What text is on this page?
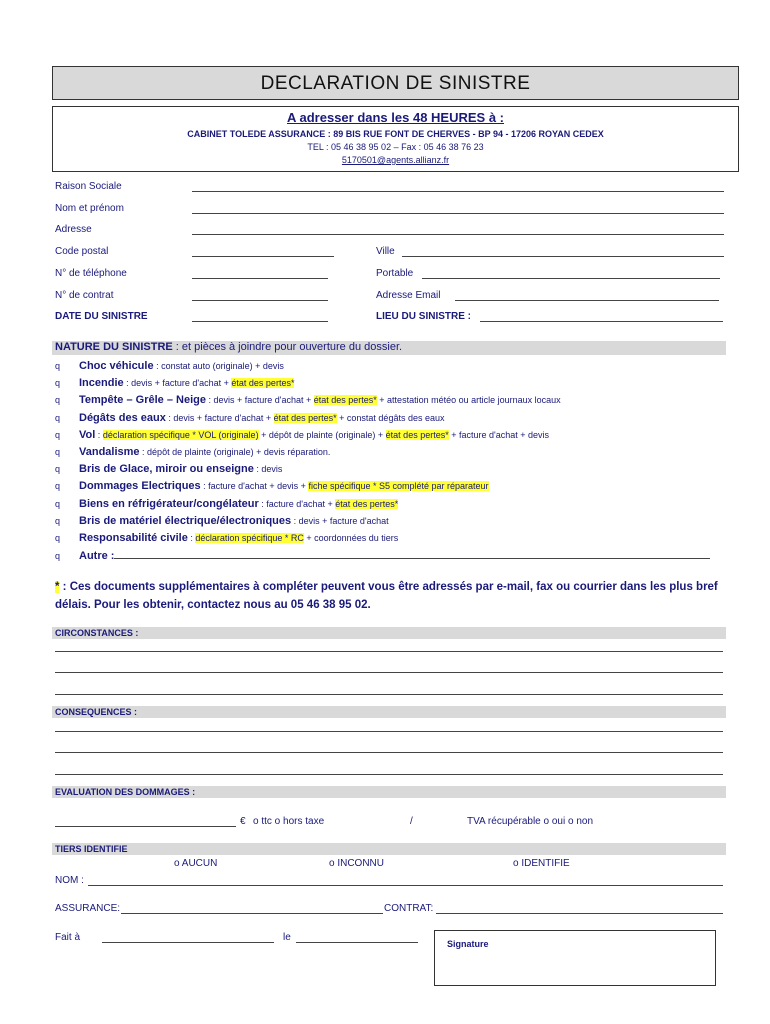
DECLARATION DE SINISTRE
A adresser dans les 48 HEURES à :
CABINET TOLEDE ASSURANCE : 89 BIS RUE FONT DE CHERVES - BP 94 - 17206 ROYAN CEDEX
TEL : 05 46 38 95 02 – Fax : 05 46 38 76 23
5170501@agents.allianz.fr
Raison Sociale
Nom et prénom
Adresse
Code postal	Ville
N° de téléphone	Portable
N° de contrat	Adresse Email
DATE DU SINISTRE	LIEU DU SINISTRE :
NATURE DU SINISTRE : et pièces à joindre pour ouverture du dossier.
q Choc véhicule : constat auto (originale) + devis
q Incendie : devis + facture d'achat + état des pertes*
q Tempête – Grêle – Neige : devis + facture d'achat + état des pertes* + attestation météo ou article journaux locaux
q Dégâts des eaux : devis + facture d'achat + état des pertes* + constat dégâts des eaux
q Vol : déclaration spécifique * VOL (originale) + dépôt de plainte (originale) + état des pertes* + facture d'achat + devis
q Vandalisme : dépôt de plainte (originale) + devis réparation.
q Bris de Glace, miroir ou enseigne : devis
q Dommages Electriques : facture d'achat + devis + fiche spécifique * S5 complété par réparateur
q Biens en réfrigérateur/congélateur : facture d'achat + état des pertes*
q Bris de matériel électrique/électroniques : devis + facture d'achat
q Responsabilité civile : déclaration spécifique * RC + coordonnées du tiers
q Autre :
* : Ces documents supplémentaires à compléter peuvent vous être adressés par e-mail, fax ou courrier dans les plus bref délais. Pour les obtenir, contactez nous au 05 46 38 95 02.
CIRCONSTANCES :
CONSEQUENCES :
EVALUATION DES DOMMAGES :
€ o ttc o hors taxe	/	TVA récupérable o oui o non
TIERS IDENTIFIE
o AUCUN	o INCONNU	o IDENTIFIE
NOM :
ASSURANCE:	CONTRAT:
Fait à	le
Signature
